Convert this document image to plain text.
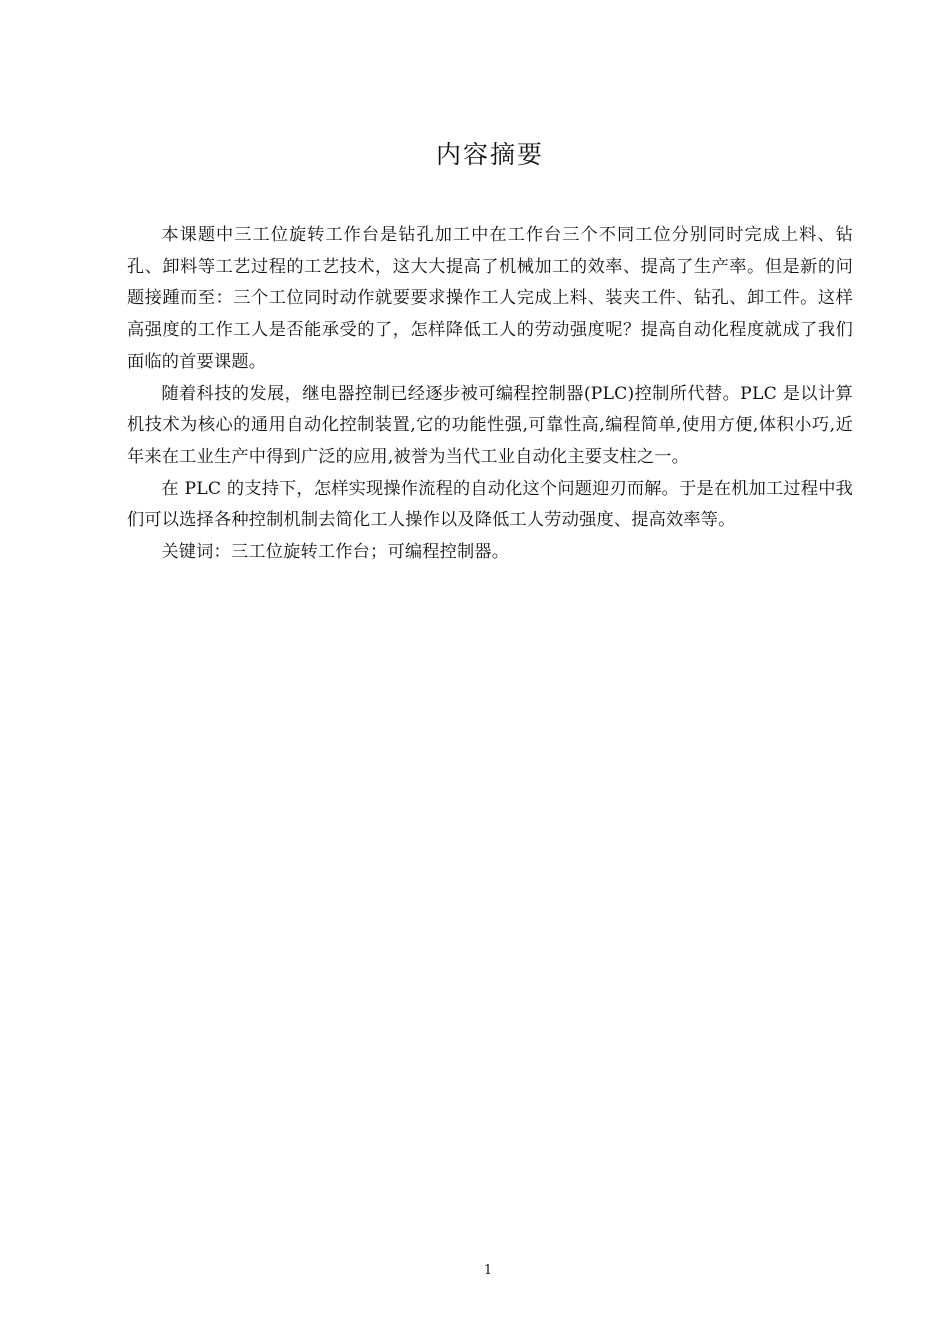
内容摘要

本课题中三工位旋转工作台是钻孔加工中在工作台三个不同工位分别同时完成上料、钻孔、卸料等工艺过程的工艺技术，这大大提高了机械加工的效率、提高了生产率。但是新的问题接踵而至：三个工位同时动作就要要求操作工人完成上料、装夹工件、钻孔、卸工件。这样高强度的工作工人是否能承受的了，怎样降低工人的劳动强度呢？提高自动化程度就成了我们面临的首要课题。

随着科技的发展，继电器控制已经逐步被可编程控制器(PLC)控制所代替。PLC 是以计算机技术为核心的通用自动化控制装置,它的功能性强,可靠性高,编程简单,使用方便,体积小巧,近年来在工业生产中得到广泛的应用,被誉为当代工业自动化主要支柱之一。

在 PLC 的支持下，怎样实现操作流程的自动化这个问题迎刃而解。于是在机加工过程中我们可以选择各种控制机制去简化工人操作以及降低工人劳动强度、提高效率等。

关键词：三工位旋转工作台；可编程控制器。

1
